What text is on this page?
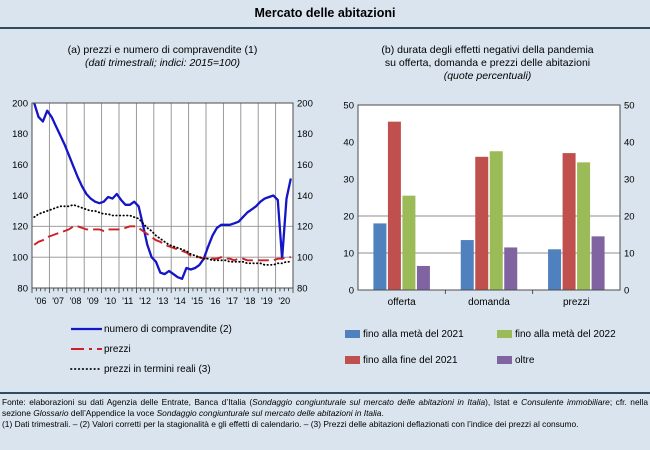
Mercato delle abitazioni
(a) prezzi e numero di compravendite (1)
(dati trimestrali; indici: 2015=100)
(b) durata degli effetti negativi della pandemia
su offerta, domanda e prezzi delle abitazioni
(quote percentuali)
80	80
100	100
120	120
140	140
160	160
180	180
200	200
'06 '07 '08 '09 '10 '11 '12 '13 '14 '15 '16 '17 '18 '19 '20
0	0
10	10
20	20
30	30
40	40
50	50
offerta	domanda	prezzi
numero di compravendite (2)
prezzi
prezzi in termini reali (3)
fino alla metà del 2021
fino alla fine del 2021
fino alla metà del 2022
oltre

Fonte: elaborazioni su dati Agenzia delle Entrate, Banca d’Italia (Sondaggio congiunturale sul mercato delle abitazioni in Italia), Istat e Consulente immobiliare; cfr. nella sezione Glossario dell’Appendice la voce Sondaggio congiunturale sul mercato delle abitazioni in Italia.

(1) Dati trimestrali. – (2) Valori corretti per la stagionalità e gli effetti di calendario. – (3) Prezzi delle abitazioni deflazionati con l’indice dei prezzi al consumo.
